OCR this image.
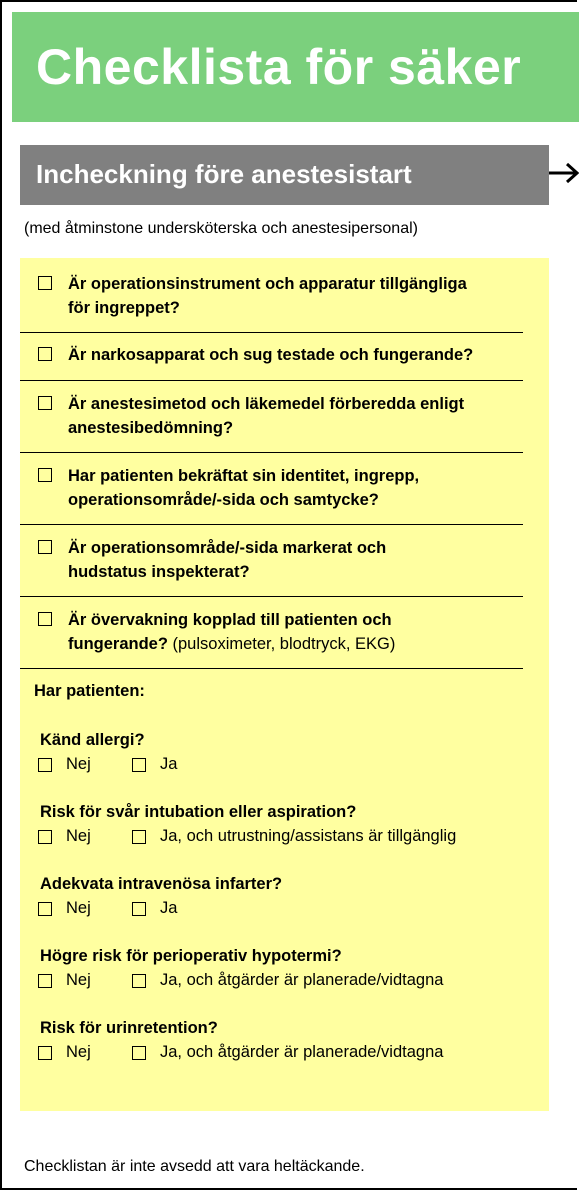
Checklista för säker
Incheckning före anestesistart
(med åtminstone undersköterska och anestesipersonal)
Är operationsinstrument och apparatur tillgängliga
för ingreppet?
Är narkosapparat och sug testade och fungerande?
Är anestesimetod och läkemedel förberedda enligt
anestesibedömning?
Har patienten bekräftat sin identitet, ingrepp,
operationsområde/-sida och samtycke?
Är operationsområde/-sida markerat och
hudstatus inspekterat?
Är övervakning kopplad till patienten och
fungerande? (pulsoximeter, blodtryck, EKG)
Har patienten:
Känd allergi?
Nej	Ja
Risk för svår intubation eller aspiration?
Nej	Ja, och utrustning/assistans är tillgänglig
Adekvata intravenösa infarter?
Nej	Ja
Högre risk för perioperativ hypotermi?
Nej	Ja, och åtgärder är planerade/vidtagna
Risk för urinretention?
Nej	Ja, och åtgärder är planerade/vidtagna
Checklistan är inte avsedd att vara heltäckande.
